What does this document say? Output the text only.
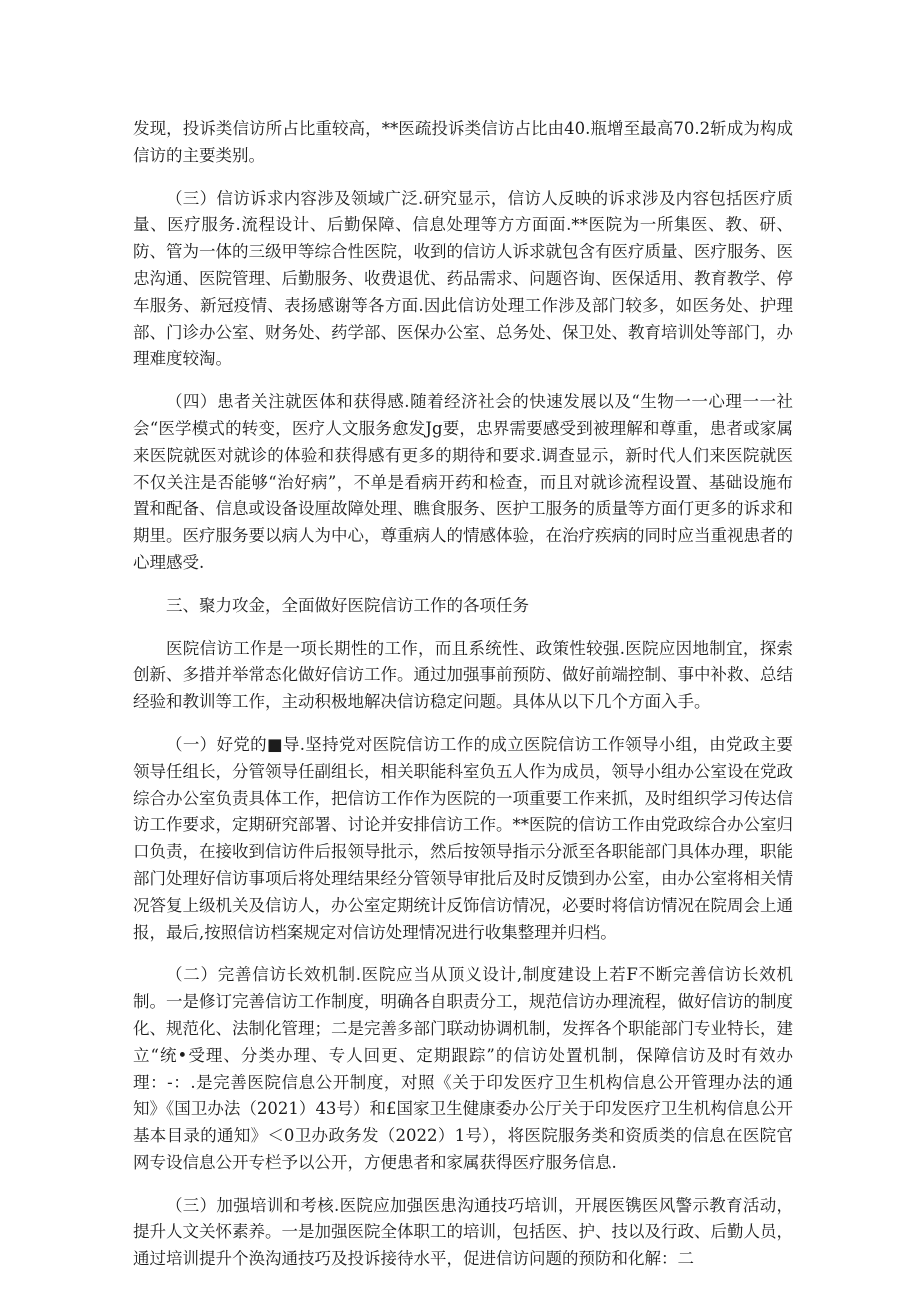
发现，投诉类信访所占比重较高，**医疏投诉类信访占比由40.瓶增至最高70.2斩成为构成信访的主要类别。

（三）信访诉求内容涉及领域广泛.研究显示，信访人反映的诉求涉及内容包括医疗质量、医疗服务.流程设计、后勤保障、信息处理等方方面面.**医院为一所集医、教、研、防、管为一体的三级甲等综合性医院，收到的信访人诉求就包含有医疗质量、医疗服务、医忠沟通、医院管理、后勤服务、收费退优、药品需求、问题咨询、医保适用、教育教学、停车服务、新冠疫情、表扬感谢等各方面.因此信访处理工作涉及部门较多，如医务处、护理部、门诊办公室、财务处、药学部、医保办公室、总务处、保卫处、教育培训处等部门，办理难度较淘。

（四）患者关注就医体和获得感.随着经济社会的快速发展以及“生物一一心理一一社会“医学模式的转变，医疗人文服务愈发Jg要，忠界需要感受到被理解和尊重，患者或家属来医院就医对就诊的体验和获得感有更多的期待和要求.调查显示，新时代人们来医院就医不仅关注是否能够“治好病”，不单是看病开药和检查，而且对就诊流程设置、基础设施布置和配备、信息或设备设厘故障处理、瞧食服务、医护工服务的质量等方面仃更多的诉求和期里。医疗服务要以病人为中心，尊重病人的情感体验，在治疗疾病的同时应当重视患者的心理感受.

三、聚力攻金，全面做好医院信访工作的各项任务

医院信访工作是一项长期性的工作，而且系统性、政策性较强.医院应因地制宜，探索创新、多措并举常态化做好信访工作。通过加强事前预防、做好前端控制、事中补救、总结经验和教训等工作，主动积极地解决信访稳定问题。具体从以下几个方面入手。

（一）好党的■导.坚持党对医院信访工作的成立医院信访工作领导小组，由党政主要领导任组长，分管领导任副组长，相关职能科室负五人作为成员，领导小组办公室设在党政综合办公室负责具体工作，把信访工作作为医院的一项重要工作来抓，及时组织学习传达信访工作要求，定期研究部署、讨论并安排信访工作。**医院的信访工作由党政综合办公室归口负责，在接收到信访件后报领导批示，然后按领导指示分派至各职能部门具体办理，职能部门处理好信访事项后将处理结果经分管领导审批后及时反馈到办公室，由办公室将相关情况答复上级机关及信访人，办公室定期统计反饰信访情况，必要时将信访情况在院周会上通报，最后,按照信访档案规定对信访处理情况进行收集整理并归档。

（二）完善信访长效机制.医院应当从顶义设计,制度建设上若F不断完善信访长效机制。一是修订完善信访工作制度，明确各自职责分工，规范信访办理流程，做好信访的制度化、规范化、法制化管理；二是完善多部门联动协调机制，发挥各个职能部门专业特长，建立“统•受理、分类办理、专人回更、定期跟踪”的信访处置机制，保障信访及时有效办理：-：.是完善医院信息公开制度，对照《关于印发医疗卫生机构信息公开管理办法的通知》《国卫办法（2021）43号）和£国家卫生健康委办公厅关于印发医疗卫生机构信息公开基本目录的通知》＜0卫办政务发（2022）1号），将医院服务类和资质类的信息在医院官网专设信息公开专栏予以公开，方便患者和家属获得医疗服务信息.

（三）加强培训和考核.医院应加强医患沟通技巧培训，开展医镌医风警示教育活动，提升人文关怀素养。一是加强医院全体职工的培训，包括医、护、技以及行政、后勤人员，通过培训提升个涣沟通技巧及投诉接待水平，促进信访问题的预防和化解：二
